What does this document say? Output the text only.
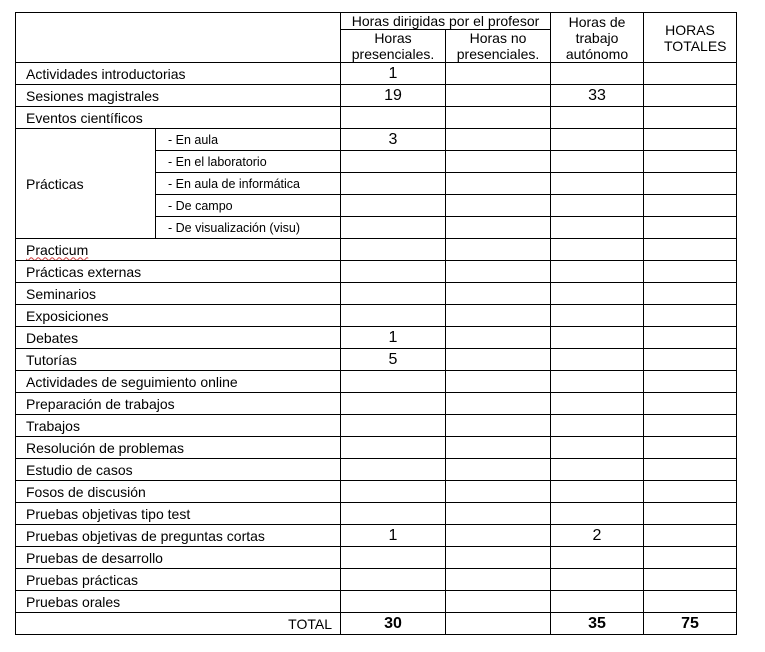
		Horas dirigidas por el profesor		Horas de trabajo autónomo	HORAS TOTALES
		Horas presenciales.	Horas no presenciales.		
Actividades introductorias		1			
Sesiones magistrales		19		33	
Eventos científicos					
Prácticas	- En aula	3			
	- En el laboratorio				
	- En aula de informática				
	- De campo				
	- De visualización (visu)				
Practicum					
Prácticas externas					
Seminarios					
Exposiciones					
Debates		1			
Tutorías		5			
Actividades de seguimiento online					
Preparación de trabajos					
Trabajos					
Resolución de problemas					
Estudio de casos					
Fosos de discusión					
Pruebas objetivas tipo test					
Pruebas objetivas de preguntas cortas		1		2	
Pruebas de desarrollo					
Pruebas prácticas					
Pruebas orales					
TOTAL		30		35	75
